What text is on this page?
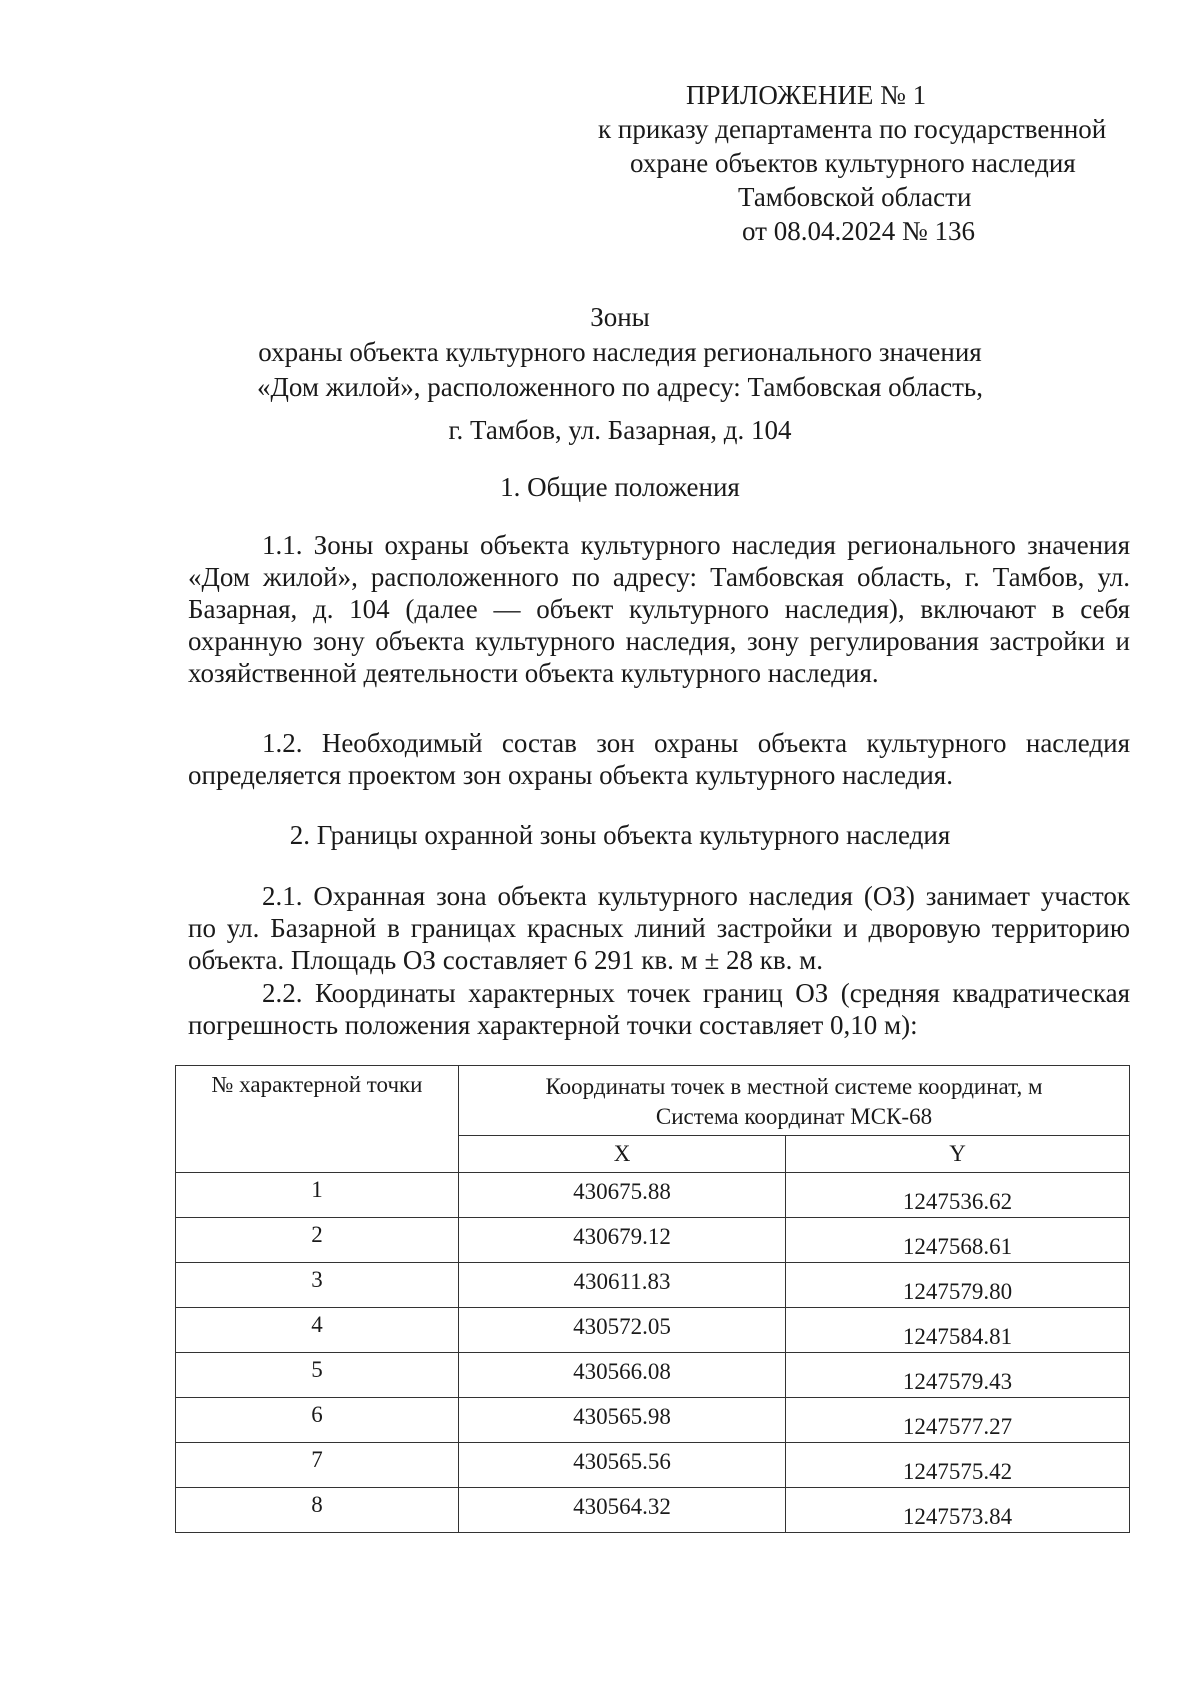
ПРИЛОЖЕНИЕ № 1
к приказу департамента по государственной
охране объектов культурного наследия
Тамбовской области
от 08.04.2024 № 136
Зоны
охраны объекта культурного наследия регионального значения
«Дом жилой», расположенного по адресу: Тамбовская область,
г. Тамбов, ул. Базарная, д. 104
1. Общие положения

1.1. Зоны охраны объекта культурного наследия регионального значения «Дом жилой», расположенного по адресу: Тамбовская область, г. Тамбов, ул. Базарная, д. 104 (далее — объект культурного наследия), включают в себя охранную зону объекта культурного наследия, зону регулирования застройки и хозяйственной деятельности объекта культурного наследия.

1.2. Необходимый состав зон охраны объекта культурного наследия определяется проектом зон охраны объекта культурного наследия.

2. Границы охранной зоны объекта культурного наследия

2.1. Охранная зона объекта культурного наследия (ОЗ) занимает участок по ул. Базарной в границах красных линий застройки и дворовую территорию объекта. Площадь ОЗ составляет 6 291 кв. м ± 28 кв. м.

2.2. Координаты характерных точек границ ОЗ (средняя квадратическая погрешность положения характерной точки составляет 0,10 м):

№ характерной точки	Координаты точек в местной системе координат, м
Система координат МСК-68	

	X	Y
1	430675.88	1247536.62
2	430679.12	1247568.61
3	430611.83	1247579.80
4	430572.05	1247584.81
5	430566.08	1247579.43
6	430565.98	1247577.27
7	430565.56	1247575.42
8	430564.32	1247573.84
